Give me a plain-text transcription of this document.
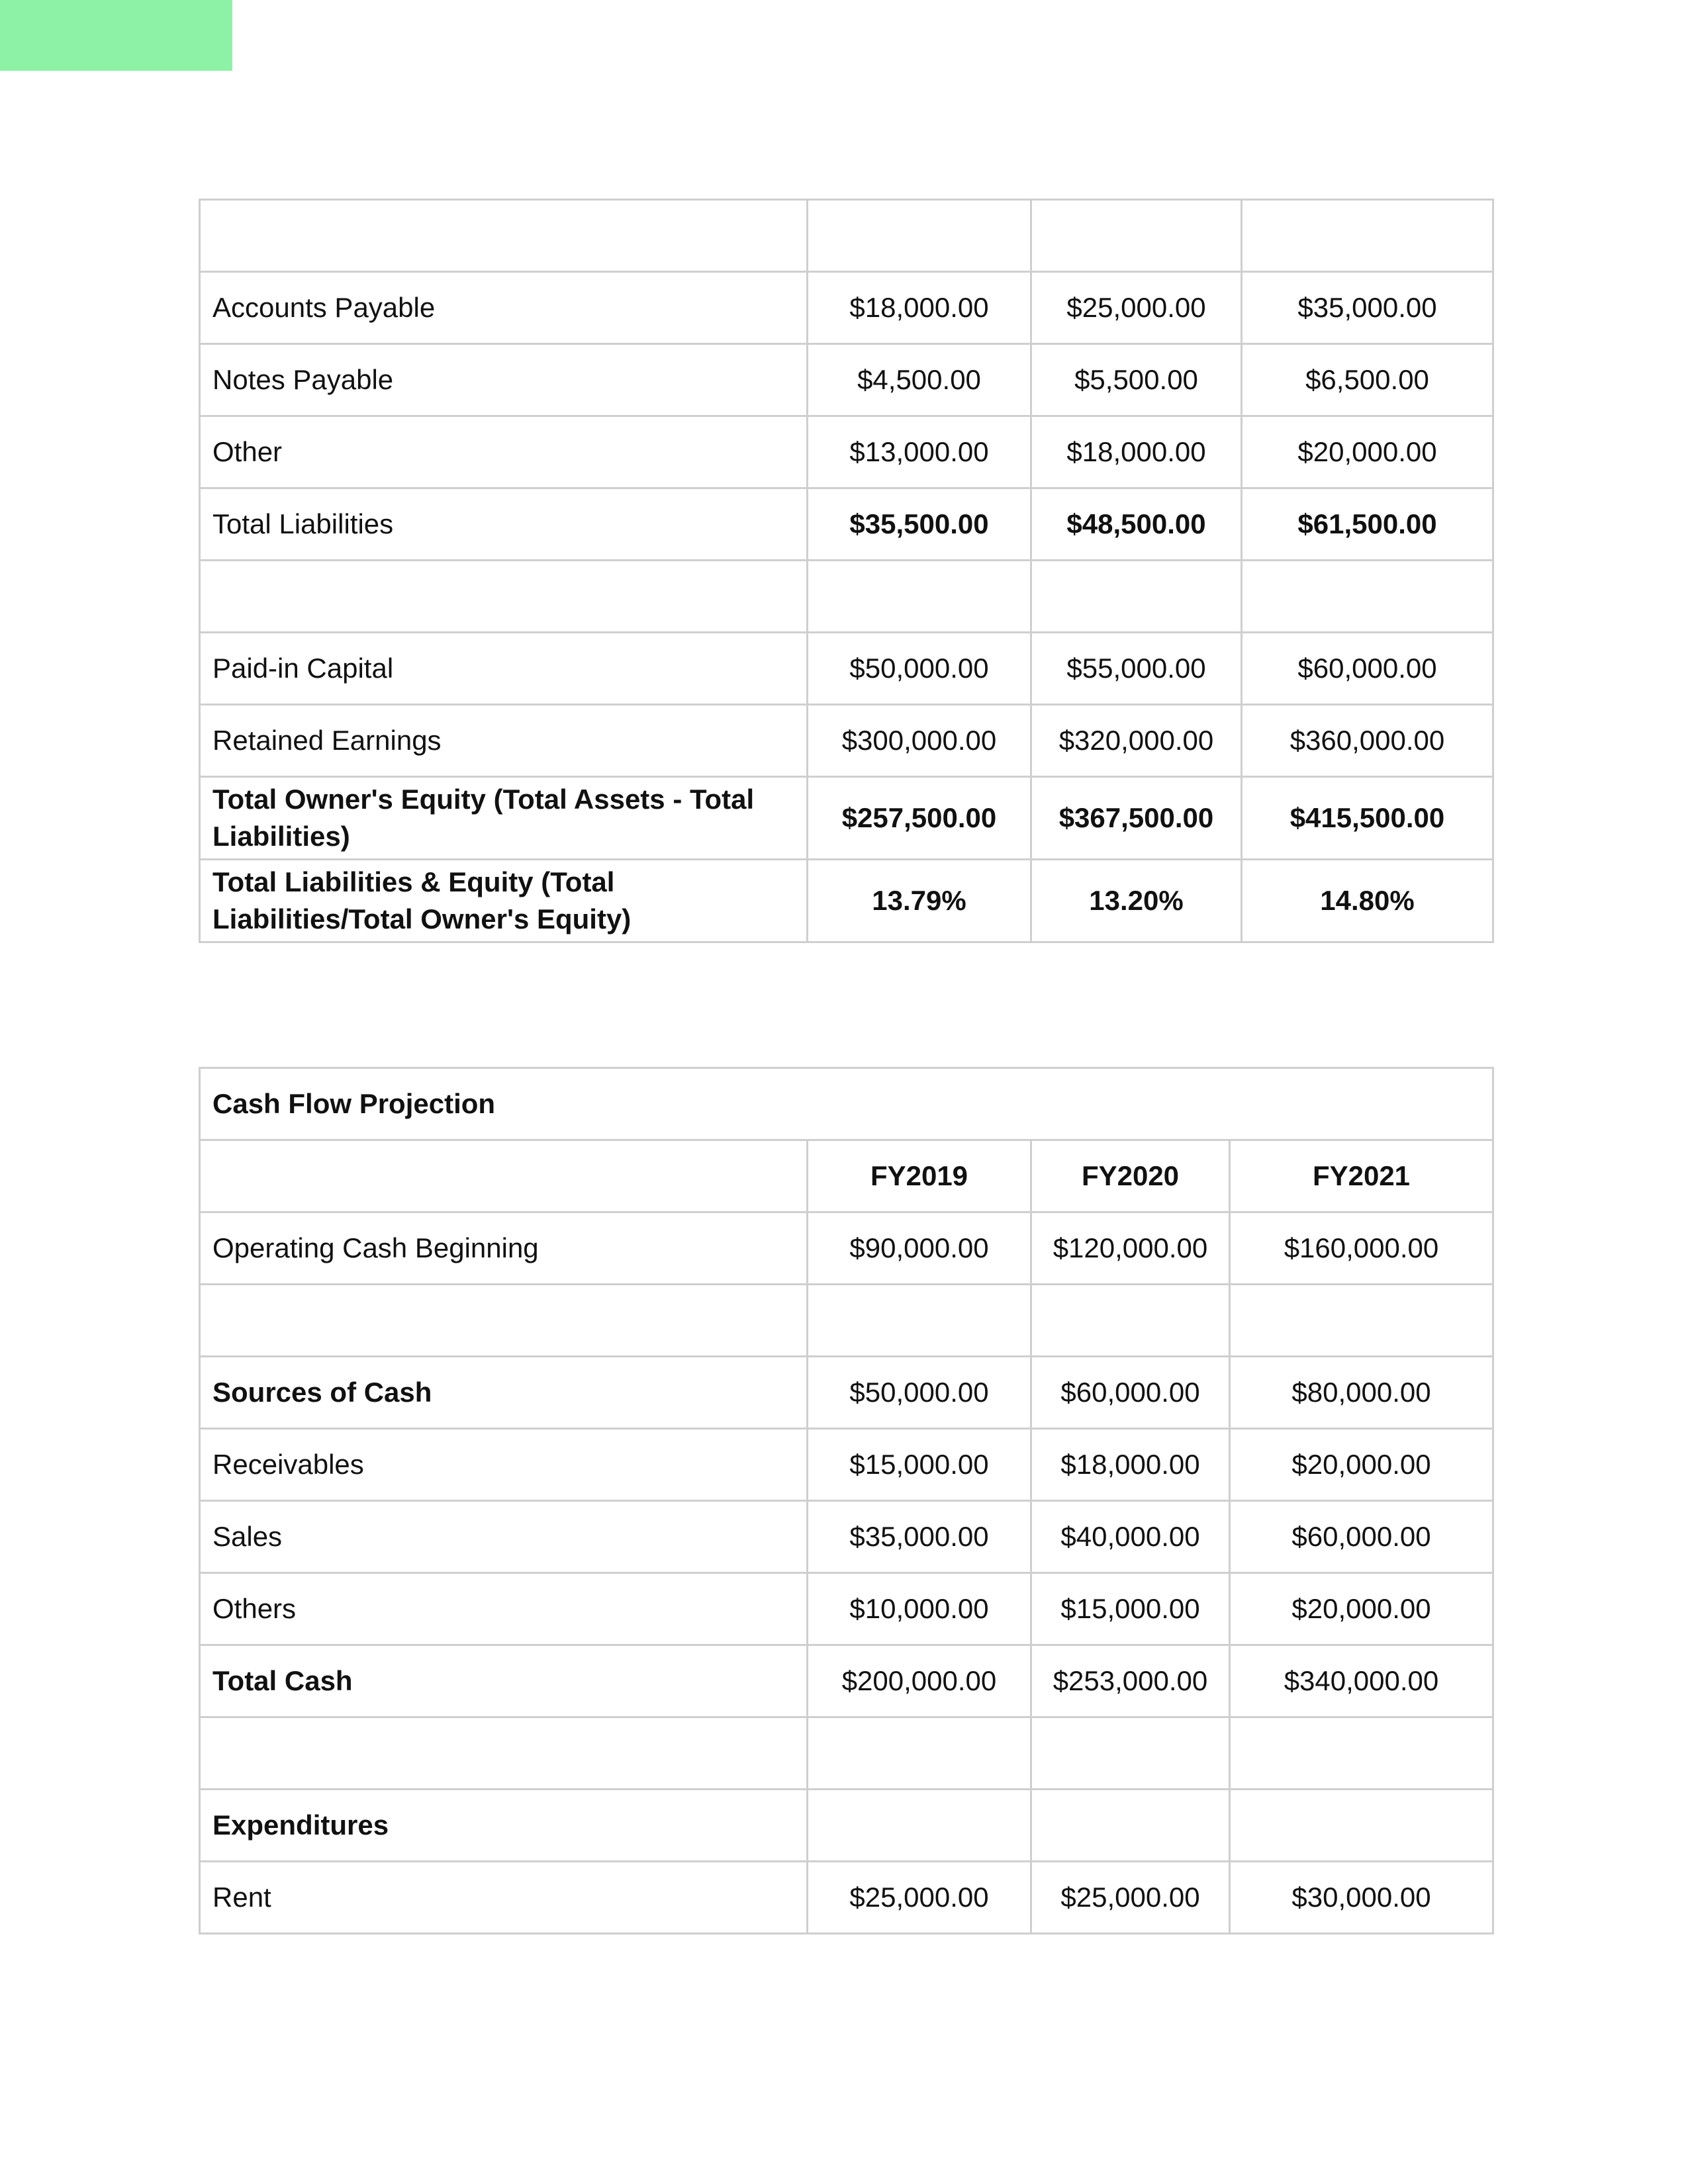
Accounts Payable	$18,000.00	$25,000.00	$35,000.00
Notes Payable	$4,500.00	$5,500.00	$6,500.00
Other	$13,000.00	$18,000.00	$20,000.00
Total Liabilities	$35,500.00	$48,500.00	$61,500.00

Paid-in Capital	$50,000.00	$55,000.00	$60,000.00
Retained Earnings	$300,000.00	$320,000.00	$360,000.00
Total Owner's Equity (Total Assets - Total Liabilities)	$257,500.00	$367,500.00	$415,500.00
Total Liabilities & Equity (Total Liabilities/Total Owner's Equity)	13.79%	13.20%	14.80%
Cash Flow Projection			
	FY2019	FY2020	FY2021
Operating Cash Beginning	$90,000.00	$120,000.00	$160,000.00

Sources of Cash	$50,000.00	$60,000.00	$80,000.00
Receivables	$15,000.00	$18,000.00	$20,000.00
Sales	$35,000.00	$40,000.00	$60,000.00
Others	$10,000.00	$15,000.00	$20,000.00
Total Cash	$200,000.00	$253,000.00	$340,000.00

Expenditures			
Rent	$25,000.00	$25,000.00	$30,000.00
